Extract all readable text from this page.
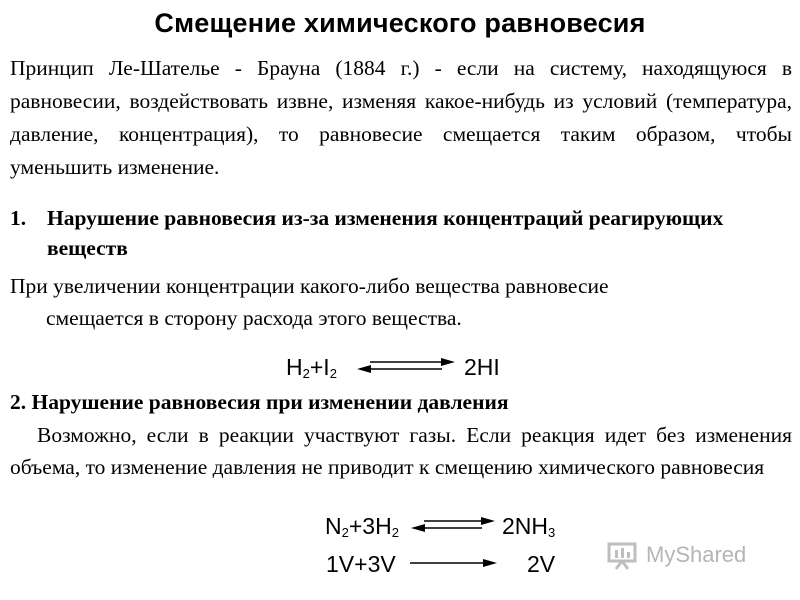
Смещение химического равновесия
Принцип Ле-Шателье - Брауна (1884 г.) - если на систему, находящуюся в равновесии, воздействовать извне, изменяя какое-нибудь из условий (температура, давление, концентрация), то равновесие смещается таким образом, чтобы уменьшить изменение.
1. Нарушение равновесия из-за изменения концентраций реагирующих веществ
При увеличении концентрации какого-либо вещества равновесие
смещается в сторону расхода этого вещества.
$H_2+I_2$	2HI
2. Нарушение равновесия при изменении давления
Возможно, если в реакции участвуют газы. Если реакция идет без изменения объема, то изменение давления не приводит к смещению химического равновесия
$N_2+3H_2$	$2NH_3$
1V+3V	2V	MyShared
